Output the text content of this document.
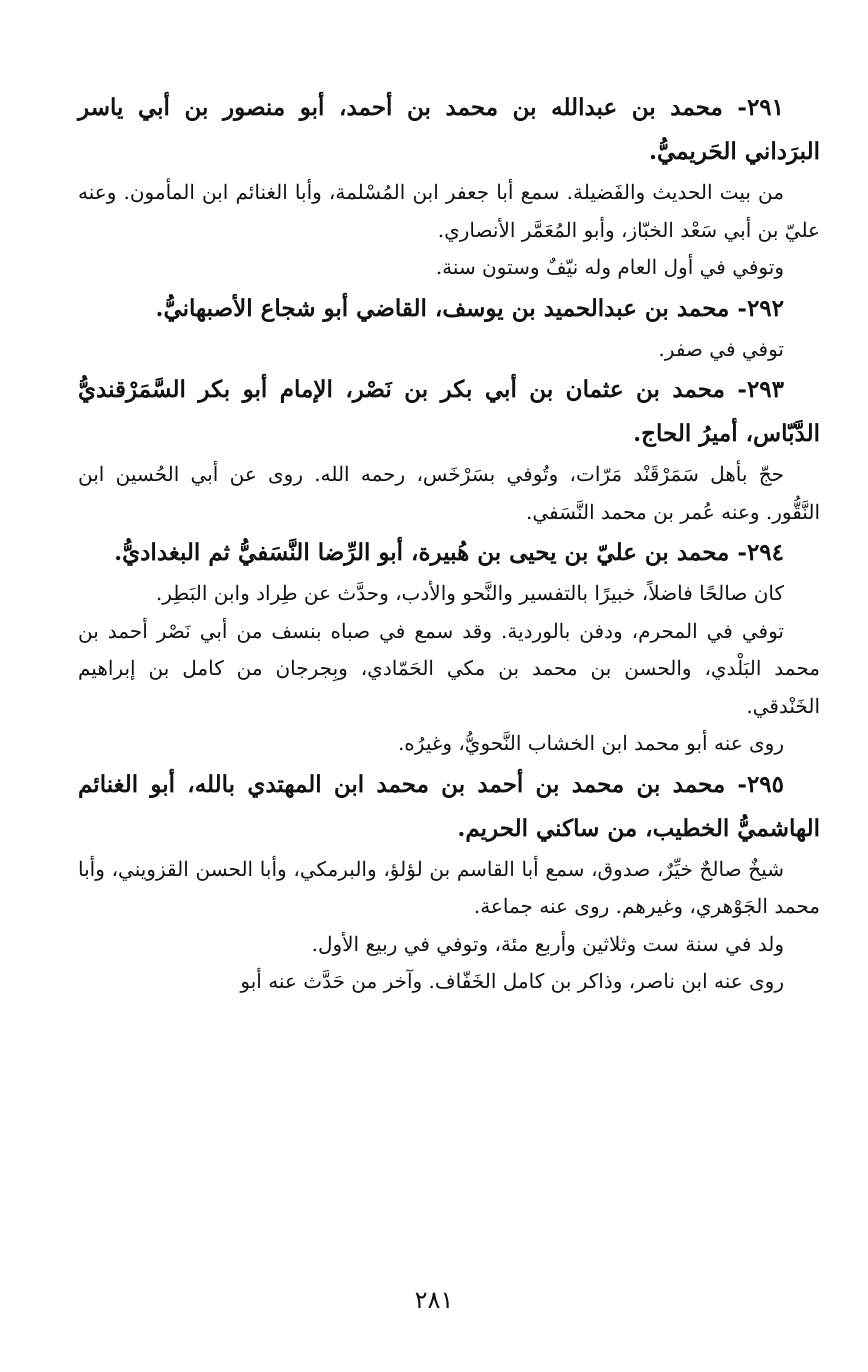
٢٩١- محمد بن عبدالله بن محمد بن أحمد، أبو منصور بن أبي ياسر البرَداني الحَريميُّ.

من بيت الحديث والفَضيلة. سمع أبا جعفر ابن المُسْلمة، وأبا الغنائم ابن المأمون. وعنه عليّ بن أبي سَعْد الخبّاز، وأبو المُعَمَّر الأنصاري.

وتوفي في أول العام وله نيّفٌ وستون سنة.

٢٩٢- محمد بن عبدالحميد بن يوسف، القاضي أبو شجاع الأصبهانيُّ.

توفي في صفر.

٢٩٣- محمد بن عثمان بن أبي بكر بن نَصْر، الإمام أبو بكر السَّمَرْقنديُّ الدَّبّاس، أميرُ الحاج.

حجّ بأهل سَمَرْقَنْد مَرّات، وتُوفي بسَرْخَس، رحمه الله. روى عن أبي الحُسين ابن النَّقُّور. وعنه عُمر بن محمد النَّسَفي.

٢٩٤- محمد بن عليّ بن يحيى بن هُبيرة، أبو الرِّضا النَّسَفيُّ ثم البغداديُّ.

كان صالحًا فاضلاً، خبيرًا بالتفسير والنَّحو والأدب، وحدَّث عن طِراد وابن البَطِر.

توفي في المحرم، ودفن بالوردية. وقد سمع في صباه بنسف من أبي نَصْر أحمد بن محمد البَلْدي، والحسن بن محمد بن مكي الحَمّادي، وبِجرجان من كامل بن إبراهيم الخَنْدقي.

روى عنه أبو محمد ابن الخشاب النَّحويُّ، وغيرُه.

٢٩٥- محمد بن محمد بن أحمد بن محمد ابن المهتدي بالله، أبو الغنائم الهاشميُّ الخطيب، من ساكني الحريم.

شيخٌ صالحٌ خيِّرٌ، صدوق، سمع أبا القاسم بن لؤلؤ، والبرمكي، وأبا الحسن القزويني، وأبا محمد الجَوْهري، وغيرهم. روى عنه جماعة.

ولد في سنة ست وثلاثين وأربع مئة، وتوفي في ربيع الأول.

روى عنه ابن ناصر، وذاكر بن كامل الخَفّاف. وآخر من حَدَّث عنه أبو

٢٨١
